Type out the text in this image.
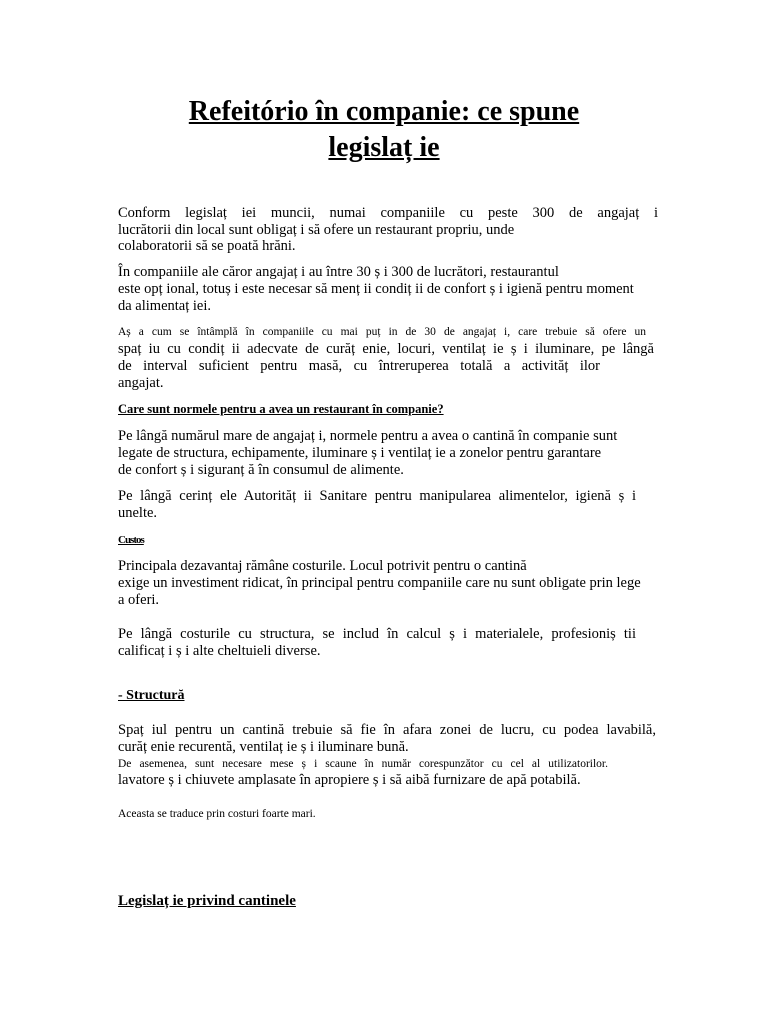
Refeitório în companie: ce spune
legislaț ie
Conform legislaț iei muncii, numai companiile cu peste 300 de angajaț i
lucrătorii din local sunt obligaț i să ofere un restaurant propriu, unde
colaboratorii să se poată hrăni.
În companiile ale căror angajaț i au între 30 ș i 300 de lucrători, restaurantul
este opț ional, totuș i este necesar să menț ii condiț ii de confort ș i igienă pentru moment
da alimentaț iei.
Aș a cum se întâmplă în companiile cu mai puț in de 30 de angajaț i, care trebuie să ofere un
spaț iu cu condiț ii adecvate de curăț enie, locuri, ventilaț ie ș i iluminare, pe lângă
de interval suficient pentru masă, cu întreruperea totală a activităț ilor
angajat.
Care sunt normele pentru a avea un restaurant în companie?
Pe lângă numărul mare de angajaț i, normele pentru a avea o cantină în companie sunt
legate de structura, echipamente, iluminare ș i ventilaț ie a zonelor pentru garantare
de confort ș i siguranț ă în consumul de alimente.
Pe lângă cerinț ele Autorităț ii Sanitare pentru manipularea alimentelor, igienă ș i
unelte.
Custos
Principala dezavantaj rămâne costurile. Locul potrivit pentru o cantină
exige un investiment ridicat, în principal pentru companiile care nu sunt obligate prin lege
a oferi.
Pe lângă costurile cu structura, se includ în calcul ș i materialele, profesioniș tii
calificaț i ș i alte cheltuieli diverse.
- Structură
Spaț iul pentru un cantină trebuie să fie în afara zonei de lucru, cu podea lavabilă,
curăț enie recurentă, ventilaț ie ș i iluminare bună.
De asemenea, sunt necesare mese ș i scaune în număr corespunzător cu cel al utilizatorilor.
lavatore ș i chiuvete amplasate în apropiere ș i să aibă furnizare de apă potabilă.
Aceasta se traduce prin costuri foarte mari.
Legislaț ie privind cantinele
